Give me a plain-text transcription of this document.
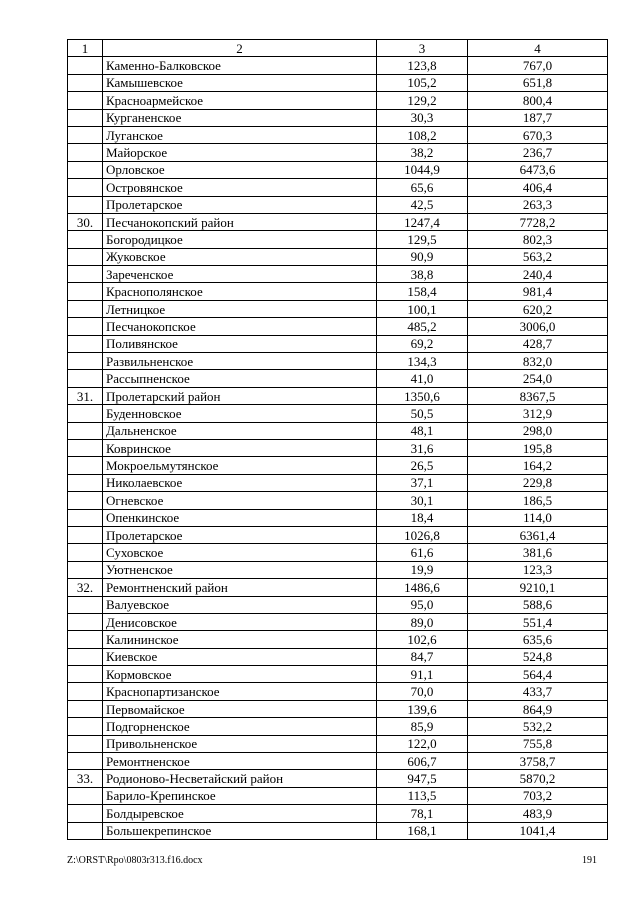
1	2	3	4
	Каменно-Балковское	123,8	767,0
	Камышевское	105,2	651,8
	Красноармейское	129,2	800,4
	Курганенское	30,3	187,7
	Луганское	108,2	670,3
	Майорское	38,2	236,7
	Орловское	1044,9	6473,6
	Островянское	65,6	406,4
	Пролетарское	42,5	263,3
30.	Песчанокопский район	1247,4	7728,2
	Богородицкое	129,5	802,3
	Жуковское	90,9	563,2
	Зареченское	38,8	240,4
	Краснополянское	158,4	981,4
	Летницкое	100,1	620,2
	Песчанокопское	485,2	3006,0
	Поливянское	69,2	428,7
	Развильненское	134,3	832,0
	Рассыпненское	41,0	254,0
31.	Пролетарский район	1350,6	8367,5
	Буденновское	50,5	312,9
	Дальненское	48,1	298,0
	Ковринское	31,6	195,8
	Мокроельмутянское	26,5	164,2
	Николаевское	37,1	229,8
	Огневское	30,1	186,5
	Опенкинское	18,4	114,0
	Пролетарское	1026,8	6361,4
	Суховское	61,6	381,6
	Уютненское	19,9	123,3
32.	Ремонтненский район	1486,6	9210,1
	Валуевское	95,0	588,6
	Денисовское	89,0	551,4
	Калининское	102,6	635,6
	Киевское	84,7	524,8
	Кормовское	91,1	564,4
	Краснопартизанское	70,0	433,7
	Первомайское	139,6	864,9
	Подгорненское	85,9	532,2
	Привольненское	122,0	755,8
	Ремонтненское	606,7	3758,7
33.	Родионово-Несветайский район	947,5	5870,2
	Барило-Крепинское	113,5	703,2
	Болдыревское	78,1	483,9
	Большекрепинское	168,1	1041,4
Z:\ORST\Rpo\0803r313.f16.docx	191
